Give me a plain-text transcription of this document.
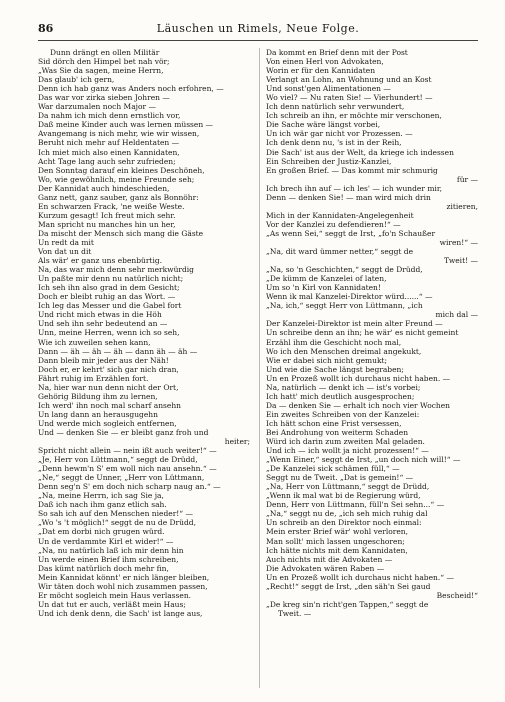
86	Läuschen un Rimels, Neue Folge.
Dunn drängt en ollen Militär
Sid dörch den Himpel bet nah vör;
„Was Sie da sagen, meine Herrn,
Das glaub' ich gern,
Denn ich hab ganz was Anders noch erfohren, —
Das war vor zirka sieben Johren —
War darzumalen noch Major —
Da nahm ich mich denn ernstlich vor,
Daß meine Kinder auch was lernen müssen —
Avangemang is nich mehr, wie wir wissen,
Beruht nich mehr auf Heldentaten —
Ich miet mich also einen Kannidaten,
Acht Tage lang auch sehr zufrieden;
Den Sonntag darauf ein kleines Deschöneh,
Wo, wie gewöhnlich, meine Freunde seh;
Der Kannidat auch hindeschieden,
Ganz nett, ganz sauber, ganz als Bonnöhr:
En schwarzen Frack, 'ne weiße Weste.
Kurzum gesagt! Ich freut mich sehr.
Man spricht nu manches hin un her,
Da mischt der Mensch sich mang die Gäste
Un redt da mit
Von dat un dit
Als wär' er ganz uns ebenbürtig.
Na, das war mich denn sehr merkwürdig
Un paßte mir denn nu natürlich nicht;
Ich seh ihn also grad in dem Gesicht;
Doch er bleibt ruhig an das Wort. —
Ich leg das Messer und die Gabel fort
Und richt mich etwas in die Höh
Und seh ihn sehr bedeutend an —
Unn, meine Herren, wenn ich so seh,
Wie ich zuweilen sehen kann,
Dann — äh — äh — äh — dann äh — äh —
Dann bleib mir jeder aus der Näh!
Doch er, er kehrt' sich gar nich dran,
Fährt ruhig im Erzählen fort.
Na, hier war nun denn nicht der Ort,
Gehörig Bildung ihm zu lernen,
Ich werd' ihn noch mal scharf ansehn
Un lang dann an herausgugehn
Und werde mich sogleich entfernen,
Und — denken Sie — er bleibt ganz froh und
heiter;
Spricht nicht allein — nein ißt auch weiter!“ —
„Je, Herr von Lüttmann,“ seggt de Drüdd,
„Denn hewm'n S' em woll nich nau ansehn.“ —
„Ne,“ seggt de Unner, „Herr von Lüttmann,
Denn seg'n S' em doch nich scharp naug an.“ —
„Na, meine Herrn, ich sag Sie ja,
Daß ich nach ihm ganz etlich sah.
So sah ich auf den Menschen nieder!“ —
„Wo 's 't möglich!“ seggt de nu de Drüdd,
„Dat em dorbi nich grugen würd.
Un de verdammte Kirl et wider!“ —
„Na, nu natürlich laß ich mir denn hin
Un werde einen Brief ihm schreiben,
Das kümt natürlich doch mehr fin,
Mein Kannidat könnt' er nich länger bleiben,
Wir täten doch wohl nich zusammen passen,
Er möcht sogleich mein Haus verlassen.
Un dat tut er auch, verläßt mein Haus;
Und ich denk denn, die Sach' ist lange aus,
Da kommt en Brief denn mit der Post
Von einen Herl von Advokaten,
Worin er für den Kannidaten
Verlangt an Lohn, an Wohnung und an Kost
Und sonst'gen Alimentationen —
Wo viel? — Nu raten Sie! — Vierhundert! —
Ich denn natürlich sehr verwundert,
Ich schreib an ihn, er möchte mir verschonen,
Die Sache wäre längst vorbei,
Un ich wär gar nicht vor Prozessen. —
Ich denk denn nu, 's ist in der Reih,
Die Sach' ist aus der Welt, da kriege ich indessen
Ein Schreiben der Justiz-Kanzlei,
En großen Brief. — Das kommt mir schmurig
für —
Ich brech ihn auf — ich les' — ich wunder mir,
Denn — denken Sie! — man wird mich drin
zitieren,
Mich in der Kannidaten-Angelegenheit
Vor der Kanzlei zu defendieren!“ —
„As wenn Sei,“ seggt de Irst, „fo'n Schaußer
wiren!“ —
„Na, dit ward ümmer netter,“ seggt de
Tweit! —
„Na, so 'n Geschichten,“ seggt de Drüdd,
„De kümm de Kanzelei of laten,
Um so 'n Kirl von Kannidaten!
Wenn ik mal Kanzelei-Direktor würd......“ —
„Na, ich,“ seggt Herr von Lüttmann, „ich
mich dal —
Der Kanzelei-Direktor ist mein alter Freund —
Un schreibe denn an ihn; he wär' es nicht gemeint
Erzähl ihm die Geschicht noch mal,
Wo ich den Menschen dreimal angekukt,
Wie er dabei sich nicht gemukt;
Und wie die Sache längst begraben;
Un en Prozeß wollt ich durchaus nicht haben. —
Na, natürlich — denkt ich — ist's vorbei;
Ich hatt' mich deutlich ausgesprochen;
Da — denken Sie — erhalt ich noch vier Wochen
Ein zweites Schreiben von der Kanzelei:
Ich hätt schon eine Frist versessen,
Bei Androhung von weiterm Schaden
Würd ich darin zum zweiten Mal geladen.
Und ich — ich wollt ja nicht prozessen!“ —
„Wenn Einer,“ seggt de Irst, „un doch nich will!“ —
„De Kanzelei sick schämen füll,“ —
Seggt nu de Tweit. „Dat is gemein!“ —
„Na, Herr von Lüttmann,“ seggt de Drüdd,
„Wenn ik mal wat bi de Regierung würd,
Denn, Herr von Lüttmann, füll'n Sei sehn...“ —
„Na,“ seggt nu de, „ich seh mich ruhig dal
Un schreib an den Direktor noch einmal:
Mein erster Brief wär' wohl verloren,
Man sollt' mich lassen ungeschoren;
Ich hätte nichts mit dem Kannidaten,
Auch nichts mit die Advokaten —
Die Advokaten wären Raben —
Un en Prozeß wollt ich durchaus nicht haben.“ —
„Recht!“ seggt de Irst, „den säh'n Sei gaud
Bescheid!“
„De kreg sin'n richt'gen Tappen,“ seggt de
Tweit. —
